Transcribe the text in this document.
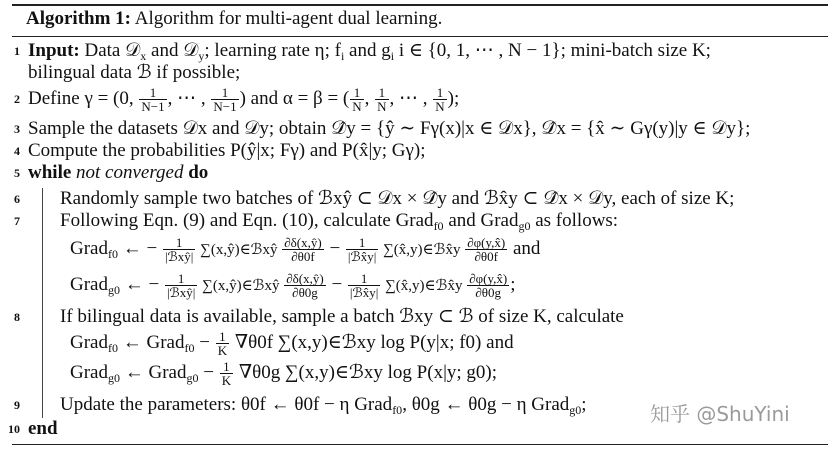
Algorithm 1: Algorithm for multi-agent dual learning.
1 Input: Data 𝒟$_x$ and 𝒟$_y$; learning rate η; $f_i$ and $g_i$ i ∈ {0, 1, ⋯ , N − 1}; mini-batch size K;
bilingual data ℬ if possible;
2 Define γ = (0, $\frac{1}{N-1}$ , ⋯ , $\frac{1}{N-1}$ ) and α = β = ( $\frac{1}{N}$ , $\frac{1}{N}$ , ⋯ , $\frac{1}{N}$ );
3 Sample the datasets 𝒟x and 𝒟y; obtain 𝒟̂y = {ŷ ∼ Fγ(x)|x ∈ 𝒟x}, 𝒟̂x = {x̂ ∼ Gγ(y)|y ∈ 𝒟y};
4 Compute the probabilities P(ŷ|x; Fγ) and P(x̂|y; Gγ);
5 while not converged do
6 Randomly sample two batches of ℬxŷ ⊂ 𝒟x × 𝒟̂y and ℬx̂y ⊂ 𝒟̂x × 𝒟y, each of size K;
7 Following Eqn. (9) and Eqn. (10), calculate Grad$_{f0}$ and Grad$_{g0}$ as follows:
Grad$_{f0}$ ← − $\frac{1}{\text{|ℬxŷ|}}$ ∑(x,ŷ)∈ℬxŷ $\frac{\partial\delta(x,ŷ)}{\partial\theta 0f} - \frac{1}{\text{|ℬx̂y|}}$ ∑(x̂,y)∈ℬx̂y $\frac{\partial\varphi(y,x̂)}{\partial\theta 0f}$ and
Grad$_{g0}$ ← − $\frac{1}{\text{|ℬxŷ|}}$ ∑(x,ŷ)∈ℬxŷ $\frac{\partial\delta(x,ŷ)}{\partial\theta 0g} - \frac{1}{\text{|ℬx̂y|}}$ ∑(x̂,y)∈ℬx̂y $\frac{\partial\varphi(y,x̂)}{\partial\theta 0g}$ ;
8 If bilingual data is available, sample a batch ℬxy ⊂ ℬ of size K, calculate
Grad$_{f0}$ ← Grad$_{f0}$ − $\frac{1}{K} \nabla\theta 0f$ ∑(x,y)∈ℬxy log P(y|x; f0) and
Grad$_{g0}$ ← Grad$_{g0}$ − $\frac{1}{K} \nabla\theta 0g$ ∑(x,y)∈ℬxy log P(x|y; g0);
9 Update the parameters: θ0f ← θ0f − η Grad$_{f0}$, θ0g ← θ0g − η Grad$_{g0}$;
10 end
知乎 @ShuYini
